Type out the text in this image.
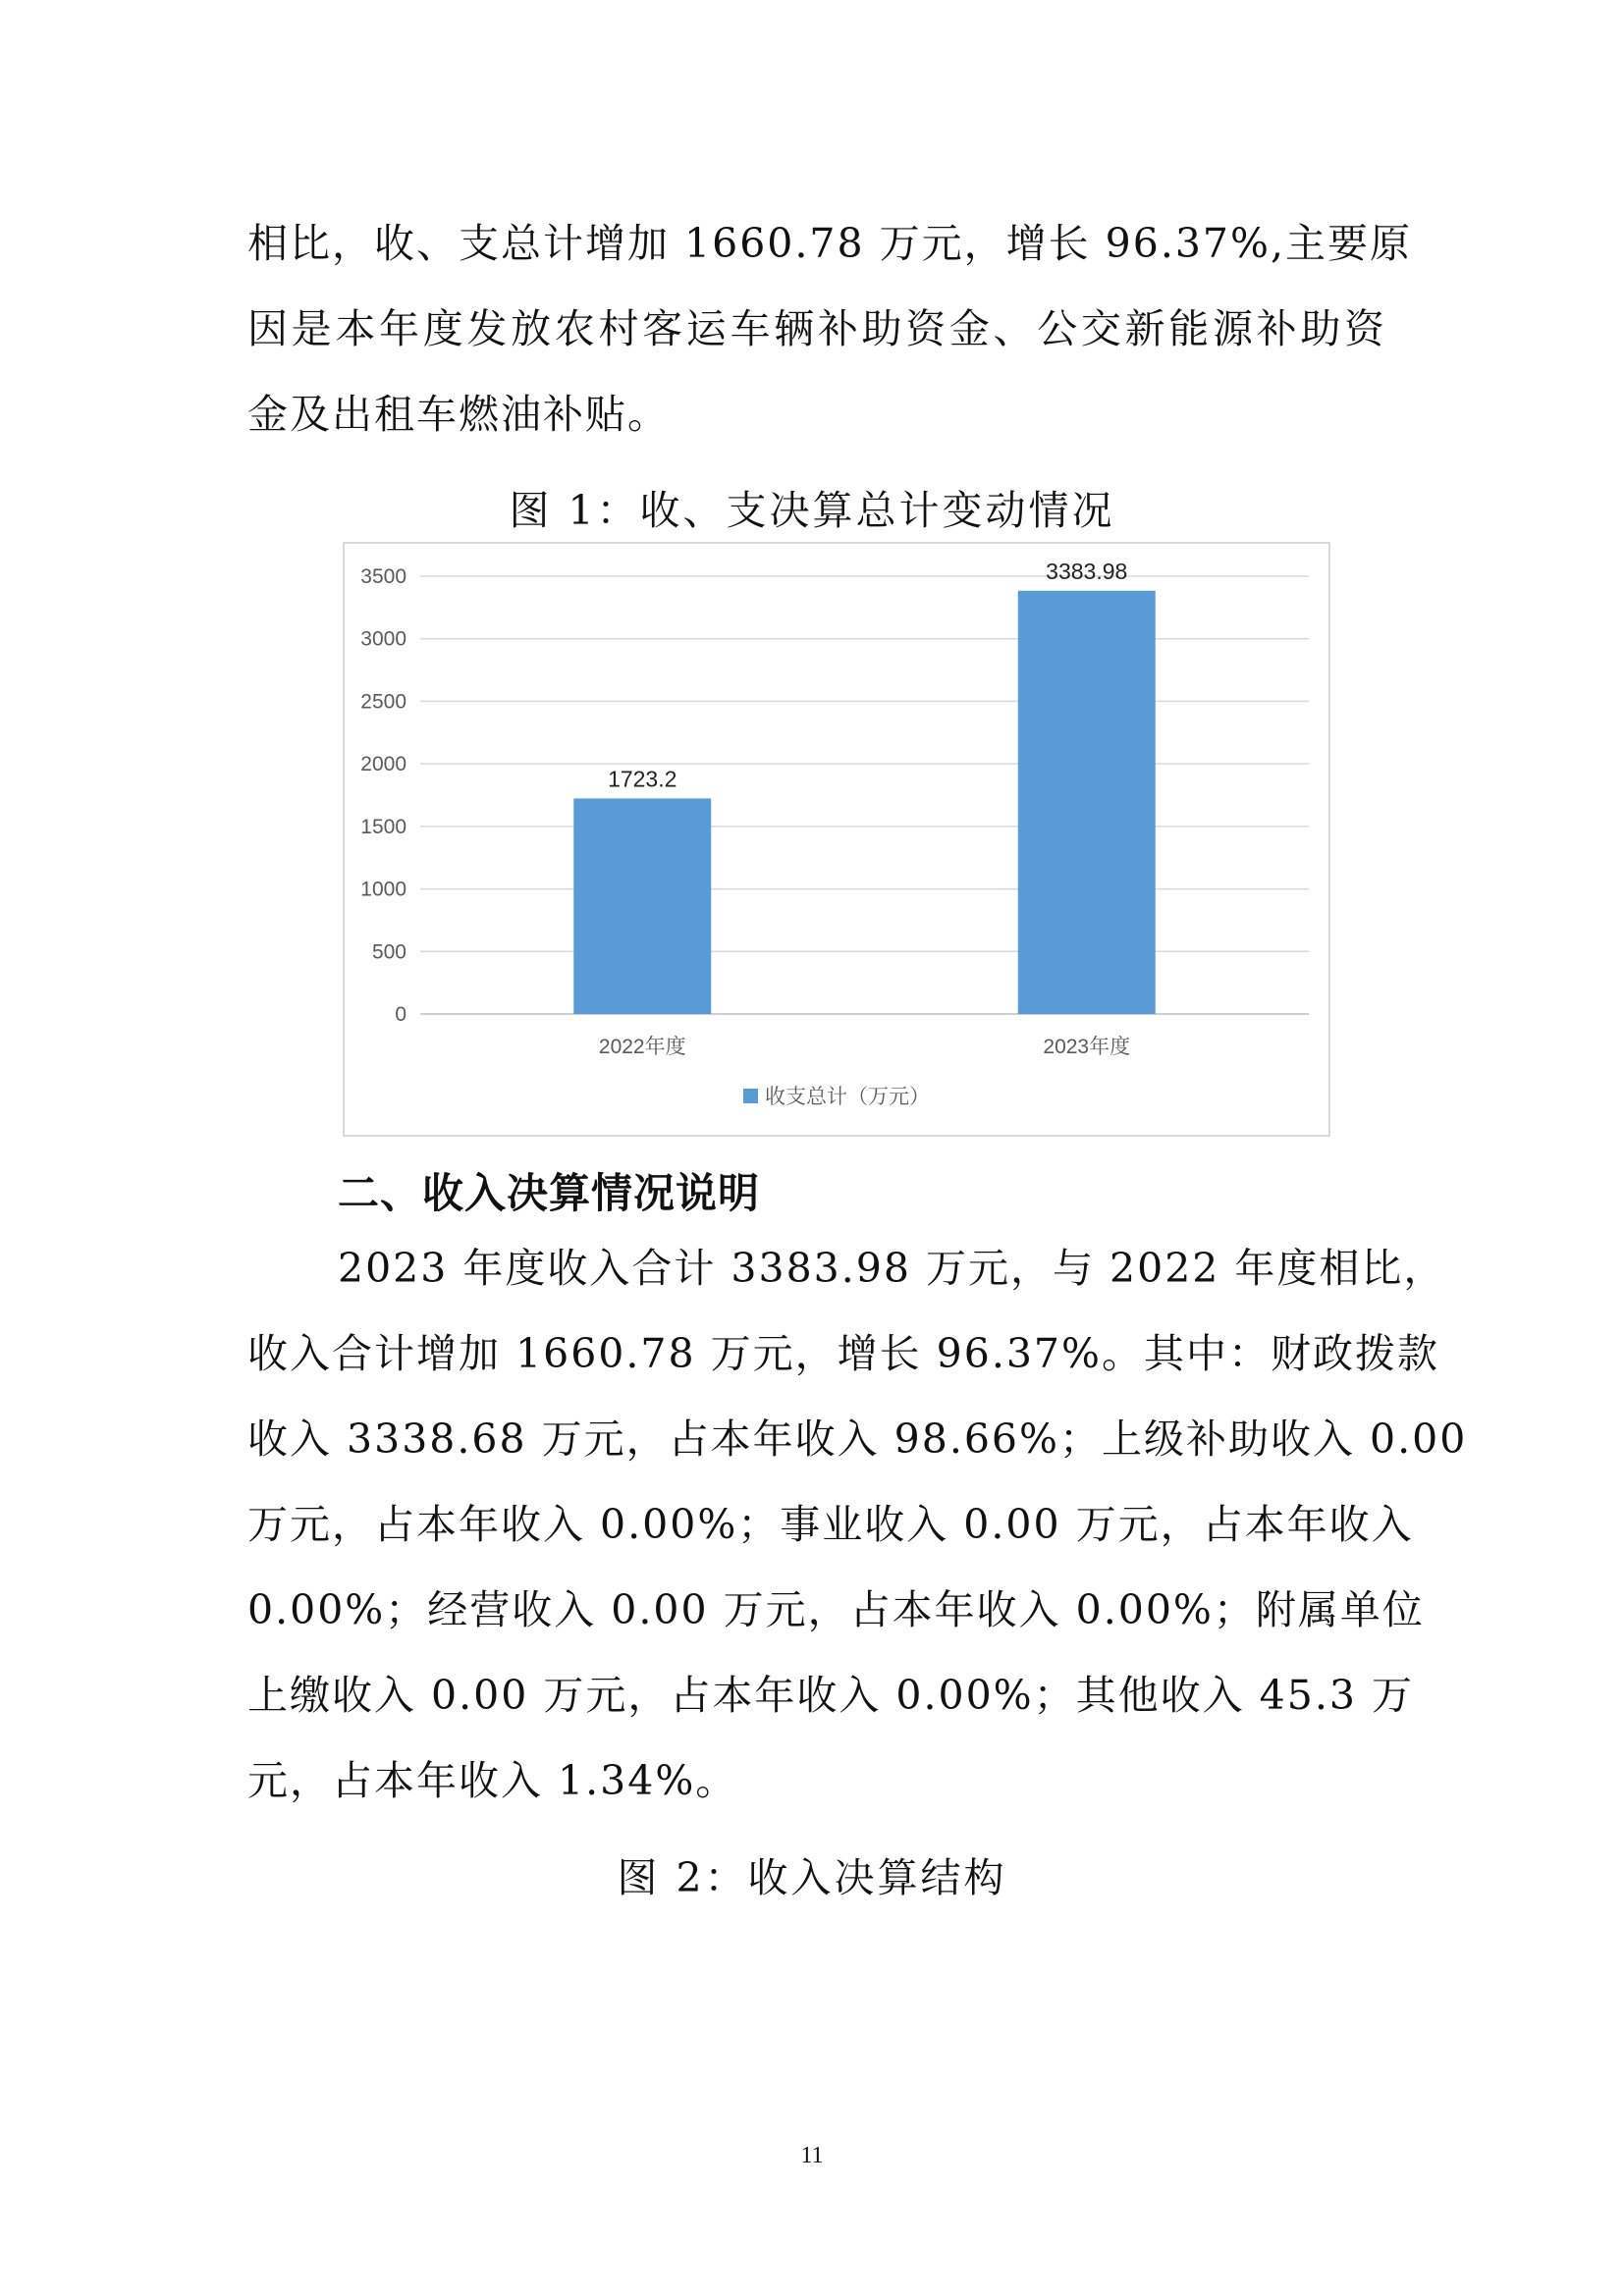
相比，收、支总计增加 1660.78 万元，增长 96.37%,主要原
因是本年度发放农村客运车辆补助资金、公交新能源补助资
金及出租车燃油补贴。
图 1：收、支决算总计变动情况
0
500
1000
1500
2000
2500
3000
3500
1723.2
2022年度
3383.98
2023年度
收支总计（万元）
二、收入决算情况说明
2023 年度收入合计 3383.98 万元，与 2022 年度相比，
收入合计增加 1660.78 万元，增长 96.37%。其中：财政拨款
收入 3338.68 万元，占本年收入 98.66%；上级补助收入 0.00
万元，占本年收入 0.00%；事业收入 0.00 万元，占本年收入
0.00%；经营收入 0.00 万元，占本年收入 0.00%；附属单位
上缴收入 0.00 万元，占本年收入 0.00%；其他收入 45.3 万
元，占本年收入 1.34%。
图 2：收入决算结构
11
